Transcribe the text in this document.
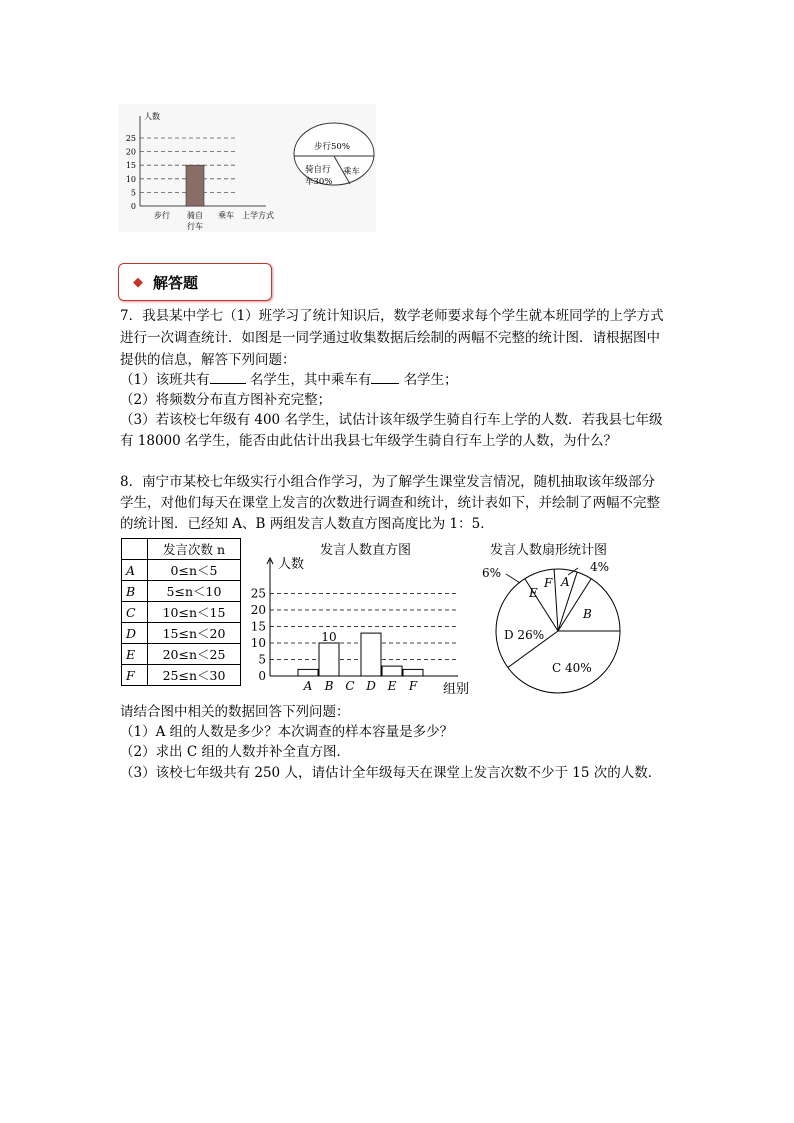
人数
0
5
10
15
20
25
步行 骑自
行车
乘车 上学方式
步行50%
骑自行
车30%
乘车
◆ 解答题
7．我县某中学七（1）班学习了统计知识后，数学老师要求每个学生就本班同学的上学方式
进行一次调查统计．如图是一同学通过收集数据后绘制的两幅不完整的统计图．请根据图中
提供的信息，解答下列问题：
（1）该班共有	名学生，其中乘车有 名学生；
（2）将频数分布直方图补充完整；
（3）若该校七年级有 400 名学生，试估计该年级学生骑自行车上学的人数．若我县七年级
有 18000 名学生，能否由此估计出我县七年级学生骑自行车上学的人数，为什么？
8．南宁市某校七年级实行小组合作学习，为了解学生课堂发言情况，随机抽取该年级部分
学生，对他们每天在课堂上发言的次数进行调查和统计，统计表如下，并绘制了两幅不完整
的统计图．已经知 A、B 两组发言人数直方图高度比为 1：5．
	发言次数 n
A	0≤n＜5
B	5≤n＜10
C	10≤n＜15
D	15≤n＜20
E	20≤n＜25
F	25≤n＜30
发言人数直方图
人数
组别
0
5
10
15
20
25
A B
10
C D E F
发言人数扇形统计图
6%	4%
E
F A
B
D 26%
C 40%
请结合图中相关的数据回答下列问题：
（1）A 组的人数是多少？本次调查的样本容量是多少？
（2）求出 C 组的人数并补全直方图．
（3）该校七年级共有 250 人，请估计全年级每天在课堂上发言次数不少于 15 次的人数．
